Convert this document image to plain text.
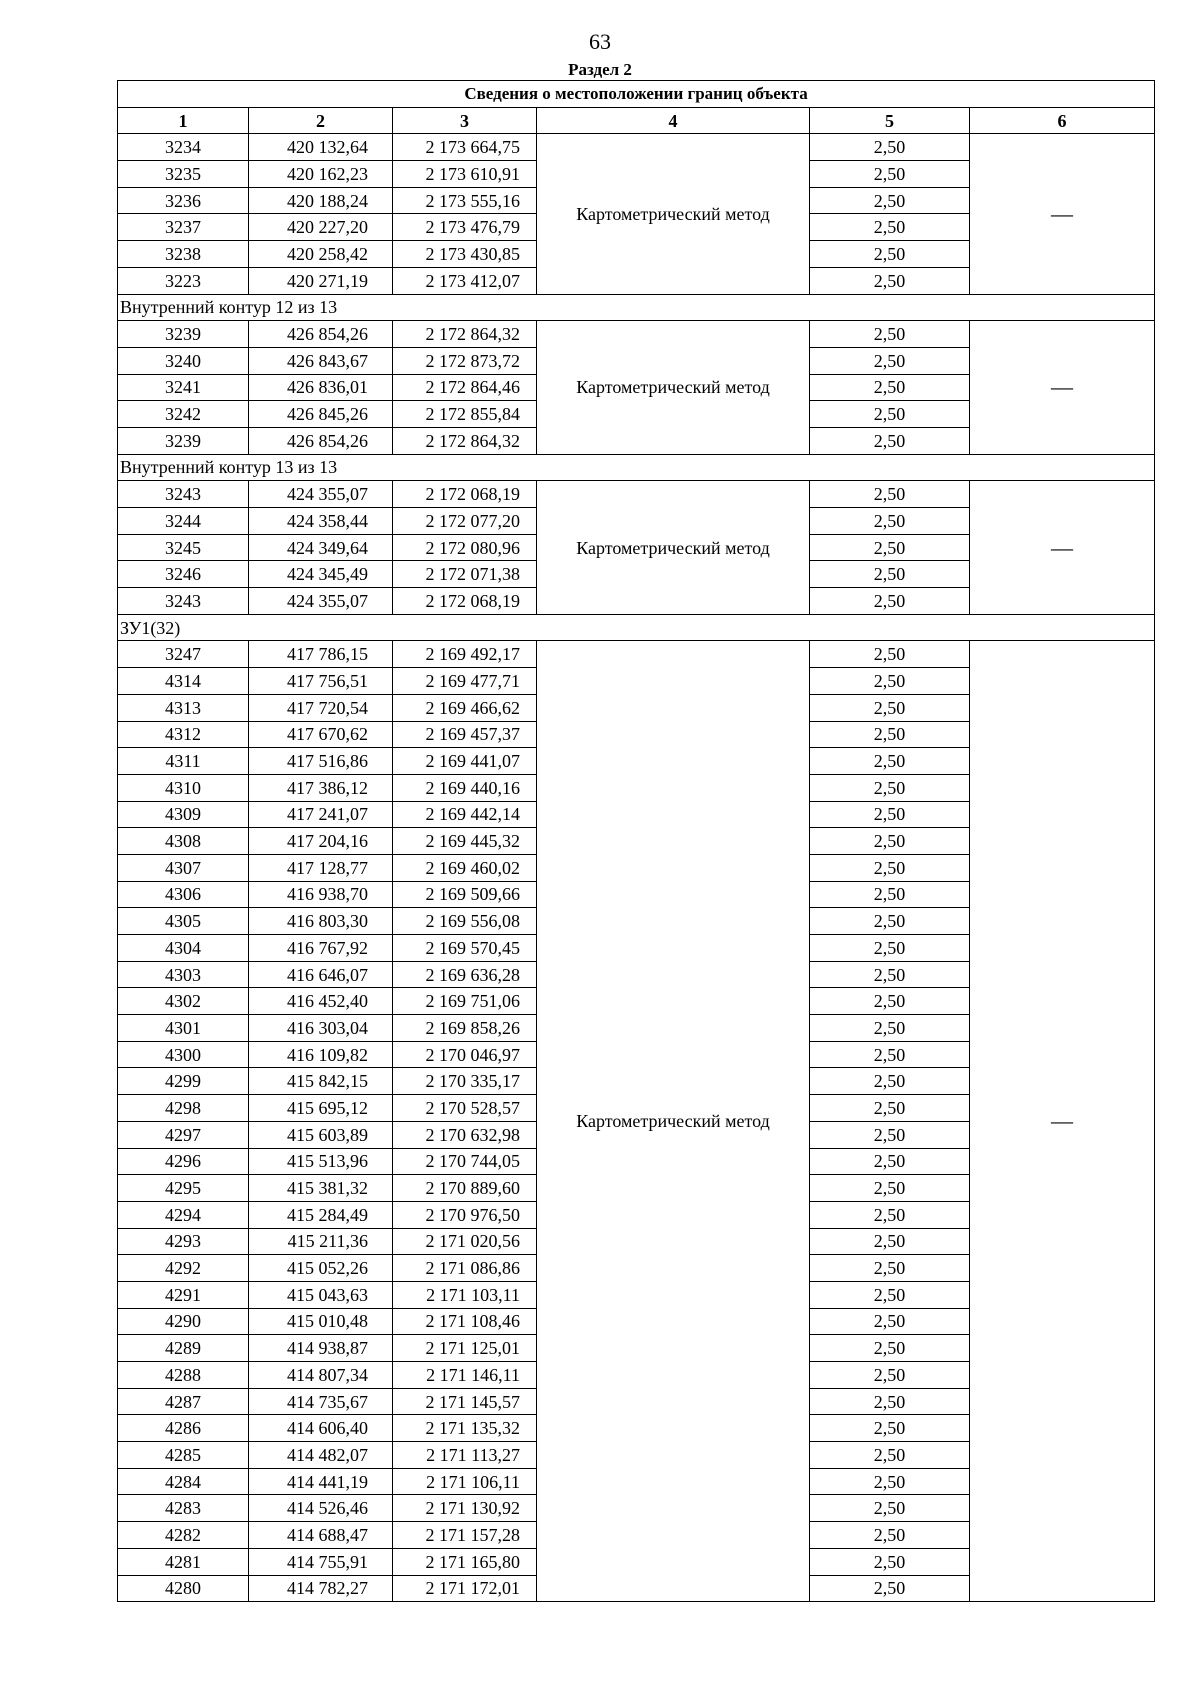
63
Раздел 2
Сведения о местоположении границ объекта					
1	2	3	4	5	6
3234	420 132,64	2 173 664,75	Картометрический метод	2,50	—
3235	420 162,23	2 173 610,91		2,50	
3236	420 188,24	2 173 555,16		2,50	
3237	420 227,20	2 173 476,79		2,50	
3238	420 258,42	2 173 430,85		2,50	
3223	420 271,19	2 173 412,07		2,50	
Внутренний контур 12 из 13					
3239	426 854,26	2 172 864,32	Картометрический метод	2,50	—
3240	426 843,67	2 172 873,72		2,50	
3241	426 836,01	2 172 864,46		2,50	
3242	426 845,26	2 172 855,84		2,50	
3239	426 854,26	2 172 864,32		2,50	
Внутренний контур 13 из 13					
3243	424 355,07	2 172 068,19	Картометрический метод	2,50	—
3244	424 358,44	2 172 077,20		2,50	
3245	424 349,64	2 172 080,96		2,50	
3246	424 345,49	2 172 071,38		2,50	
3243	424 355,07	2 172 068,19		2,50	
ЗУ1(32)					
3247	417 786,15	2 169 492,17	Картометрический метод	2,50	—
4314	417 756,51	2 169 477,71		2,50	
4313	417 720,54	2 169 466,62		2,50	
4312	417 670,62	2 169 457,37		2,50	
4311	417 516,86	2 169 441,07		2,50	
4310	417 386,12	2 169 440,16		2,50	
4309	417 241,07	2 169 442,14		2,50	
4308	417 204,16	2 169 445,32		2,50	
4307	417 128,77	2 169 460,02		2,50	
4306	416 938,70	2 169 509,66		2,50	
4305	416 803,30	2 169 556,08		2,50	
4304	416 767,92	2 169 570,45		2,50	
4303	416 646,07	2 169 636,28		2,50	
4302	416 452,40	2 169 751,06		2,50	
4301	416 303,04	2 169 858,26		2,50	
4300	416 109,82	2 170 046,97		2,50	
4299	415 842,15	2 170 335,17		2,50	
4298	415 695,12	2 170 528,57		2,50	
4297	415 603,89	2 170 632,98		2,50	
4296	415 513,96	2 170 744,05		2,50	
4295	415 381,32	2 170 889,60		2,50	
4294	415 284,49	2 170 976,50		2,50	
4293	415 211,36	2 171 020,56		2,50	
4292	415 052,26	2 171 086,86		2,50	
4291	415 043,63	2 171 103,11		2,50	
4290	415 010,48	2 171 108,46		2,50	
4289	414 938,87	2 171 125,01		2,50	
4288	414 807,34	2 171 146,11		2,50	
4287	414 735,67	2 171 145,57		2,50	
4286	414 606,40	2 171 135,32		2,50	
4285	414 482,07	2 171 113,27		2,50	
4284	414 441,19	2 171 106,11		2,50	
4283	414 526,46	2 171 130,92		2,50	
4282	414 688,47	2 171 157,28		2,50	
4281	414 755,91	2 171 165,80		2,50	
4280	414 782,27	2 171 172,01		2,50	
